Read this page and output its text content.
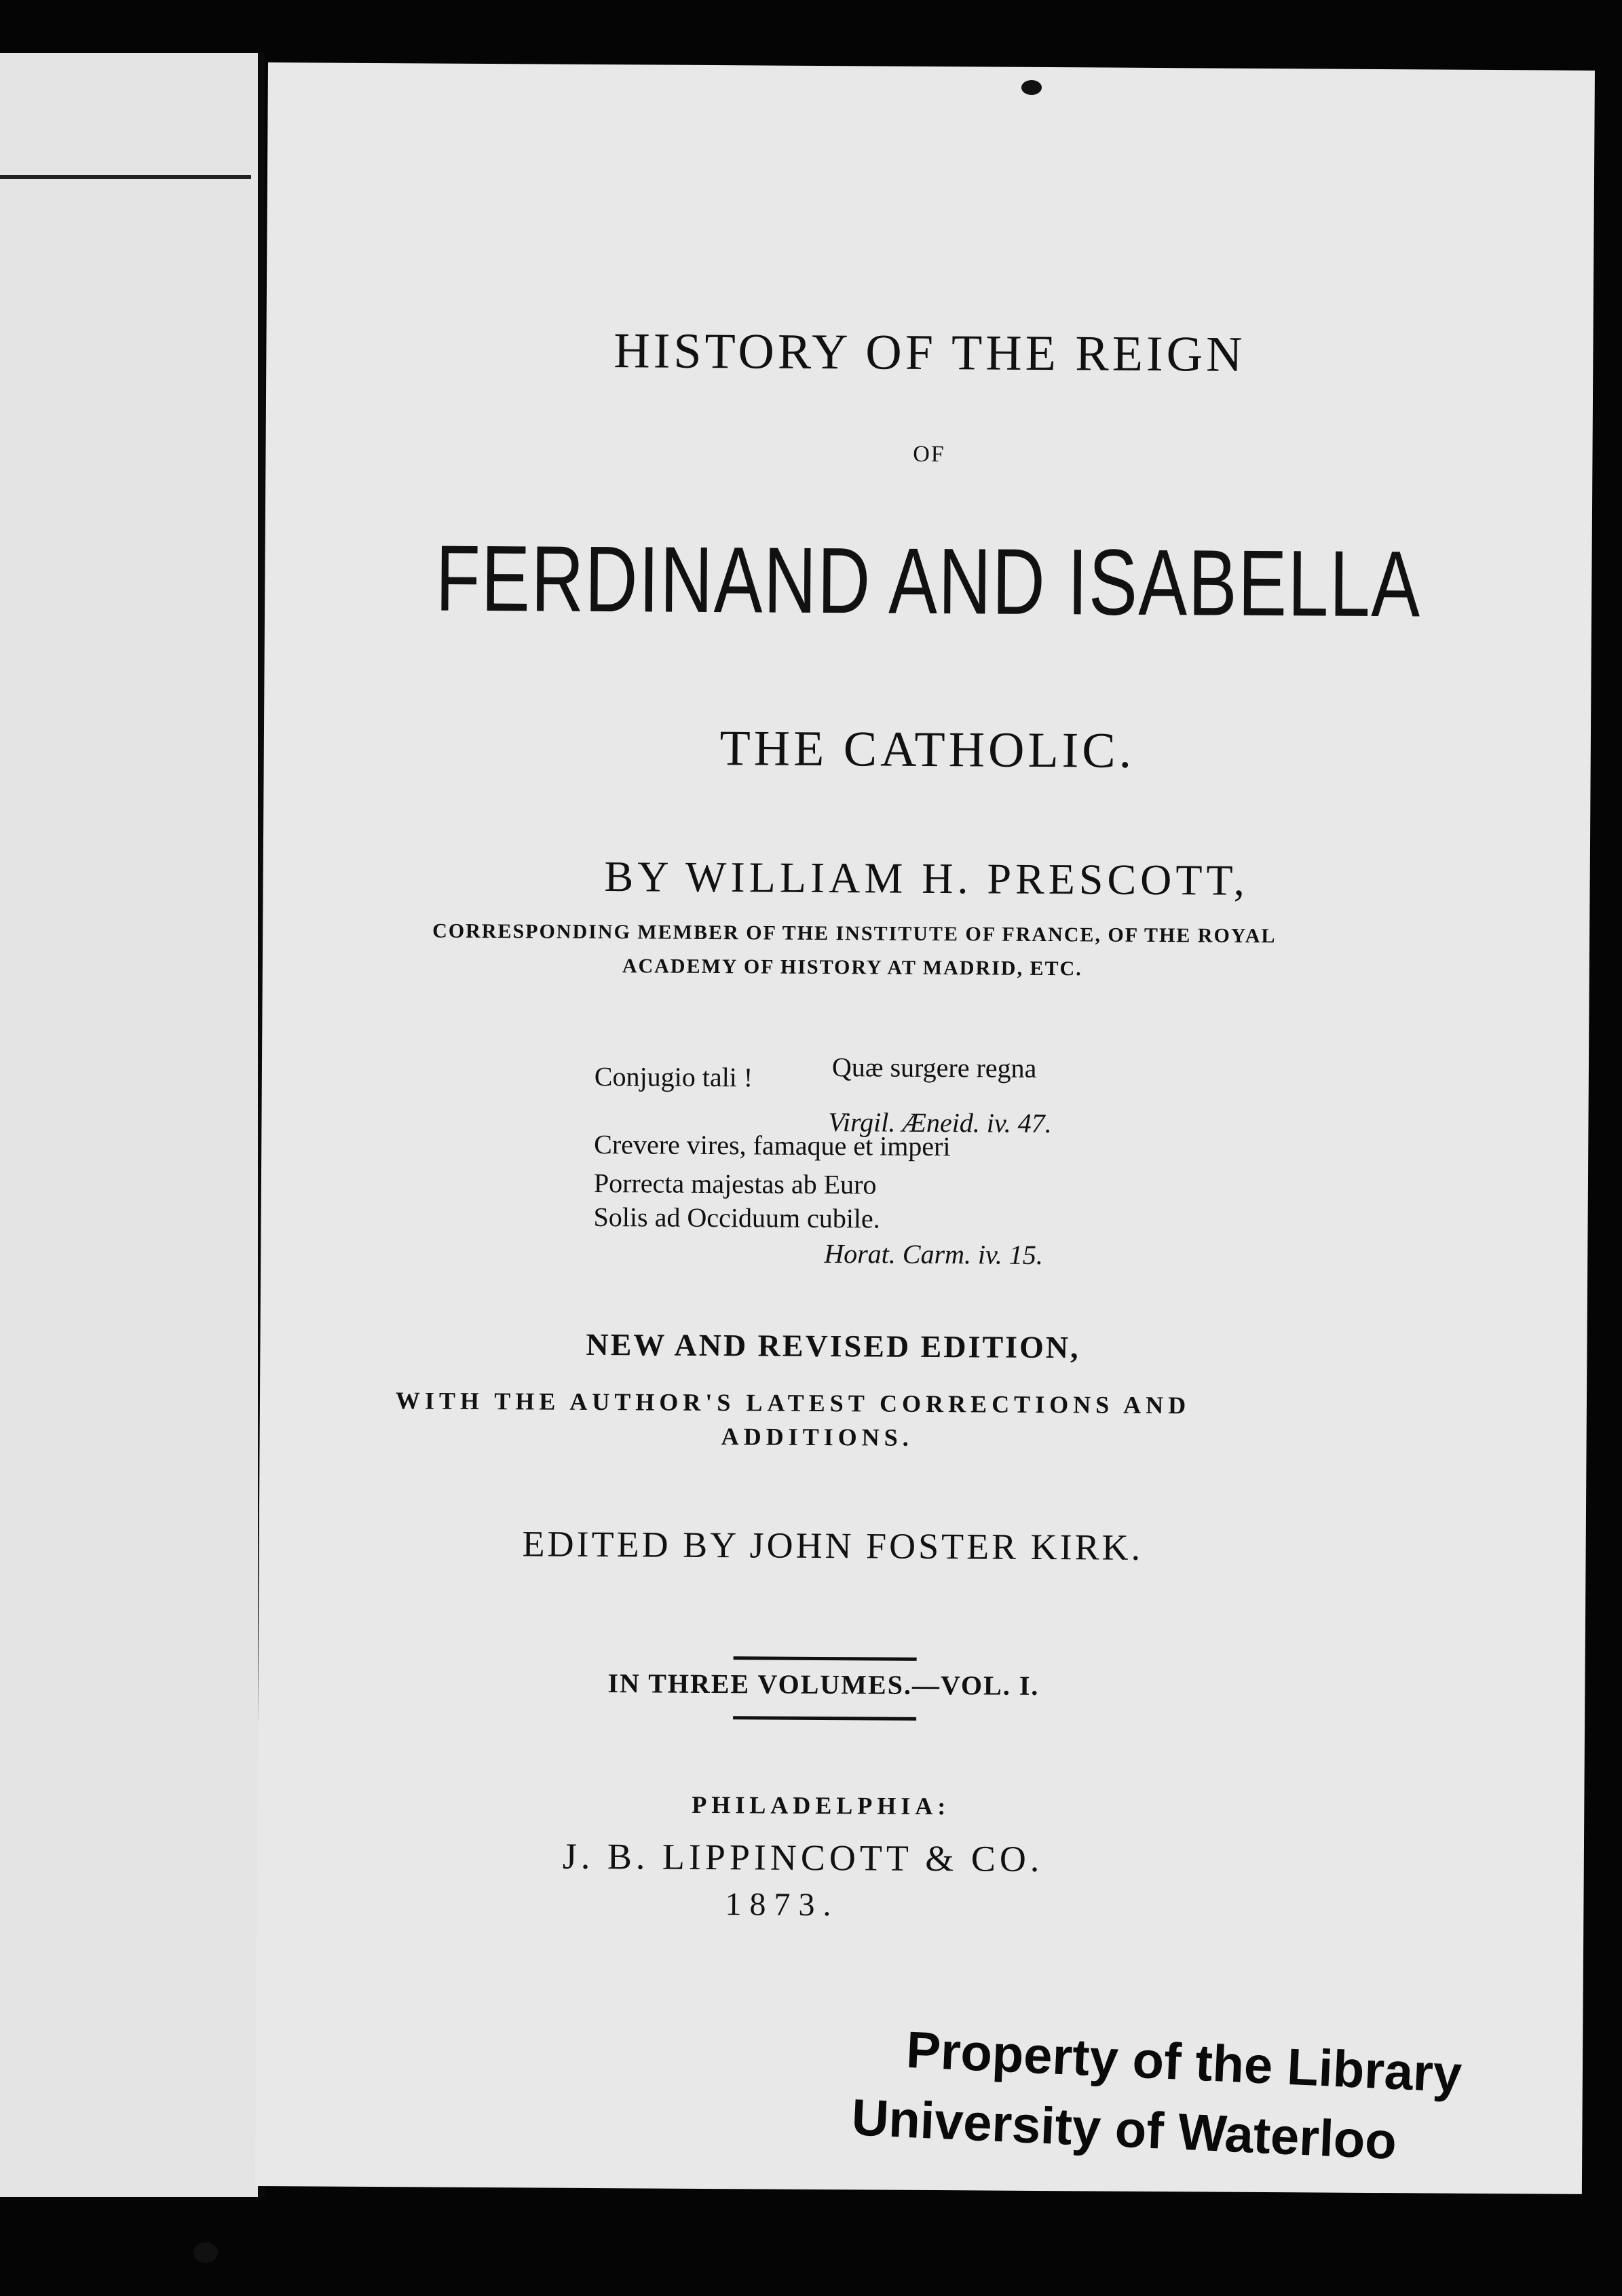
HISTORY OF THE REIGN
OF
FERDINAND AND ISABELLA
THE CATHOLIC.
BY WILLIAM H. PRESCOTT,
CORRESPONDING MEMBER OF THE INSTITUTE OF FRANCE, OF THE ROYAL
ACADEMY OF HISTORY AT MADRID, ETC.
Conjugio tali !	Quæ surgere regna
Virgil. Æneid. iv. 47.
Crevere vires, famaque et imperi
Porrecta majestas ab Euro
Solis ad Occiduum cubile.
Horat. Carm. iv. 15.
NEW AND REVISED EDITION,
WITH THE AUTHOR'S LATEST CORRECTIONS AND
ADDITIONS.
EDITED BY JOHN FOSTER KIRK.
IN THREE VOLUMES.—VOL. I.
PHILADELPHIA:
J. B. LIPPINCOTT & CO.
1873.
Property of the Library
University of Waterloo
